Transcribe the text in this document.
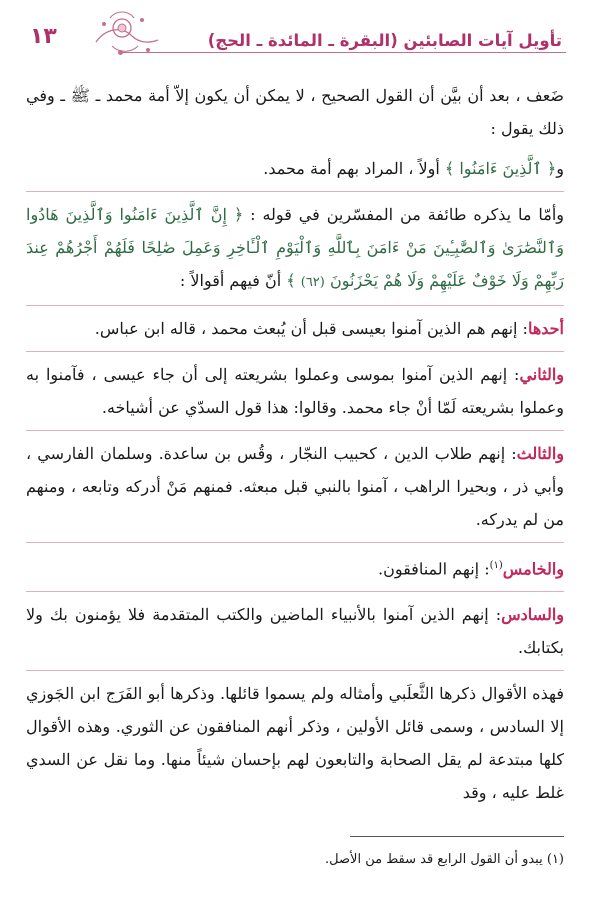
١٣	تأويل آيات الصابئين (البقرة ـ المائدة ـ الحج)

ضَعف ، بعد أن بيَّن أن القول الصحيح ، لا يمكن أن يكون إلاّ أمة محمد ـ ﷺ ـ وفي ذلك يقول :

و﴿ ٱلَّذِينَ ءَامَنُوا ﴾ أولاً ، المراد بهم أمة محمد.

وأمّا ما يذكره طائفة من المفسّرين في قوله : ﴿ إِنَّ ٱلَّذِينَ ءَامَنُوا وَٱلَّذِينَ هَادُوا وَٱلنَّصَٰرَىٰ وَٱلصَّٰبِـِٔينَ مَنْ ءَامَنَ بِٱللَّهِ وَٱلْيَوْمِ ٱلْـَٔاخِرِ وَعَمِلَ صَٰلِحًا فَلَهُمْ أَجْرُهُمْ عِندَ رَبِّهِمْ وَلَا خَوْفٌ عَلَيْهِمْ وَلَا هُمْ يَحْزَنُونَ (٦٢) ﴾ أنّ فيهم أقوالاً :

أحدها: إنهم هم الذين آمنوا بعيسى قبل أن يُبعث محمد ، قاله ابن عباس.

والثاني: إنهم الذين آمنوا بموسى وعملوا بشريعته إلى أن جاء عيسى ، فآمنوا به وعملوا بشريعته لَمّا أنْ جاء محمد. وقالوا: هذا قول السدّي عن أشياخه.

والثالث: إنهم طلاب الدين ، كحبيب النجّار ، وقُس بن ساعدة. وسلمان الفارسي ، وأبي ذر ، وبحيرا الراهب ، آمنوا بالنبي قبل مبعثه. فمنهم مَنْ أدركه وتابعه ، ومنهم من لم يدركه.

والخامس$^{(١)}$: إنهم المنافقون.

والسادس: إنهم الذين آمنوا بالأنبياء الماضين والكتب المتقدمة فلا يؤمنون بك ولا بكتابك.

فهذه الأقوال ذكرها الثَّعلَبي وأمثاله ولم يسموا قائلها. وذكرها أبو الفَرَج ابن الجَوزي إلا السادس ، وسمى قائل الأولين ، وذكر أنهم المنافقون عن الثوري. وهذه الأقوال كلها مبتدعة لم يقل الصحابة والتابعون لهم بإحسان شيئاً منها. وما نقل عن السدي غلط عليه ، وقد

(١) يبدو أن القول الرابع قد سقط من الأصل.
